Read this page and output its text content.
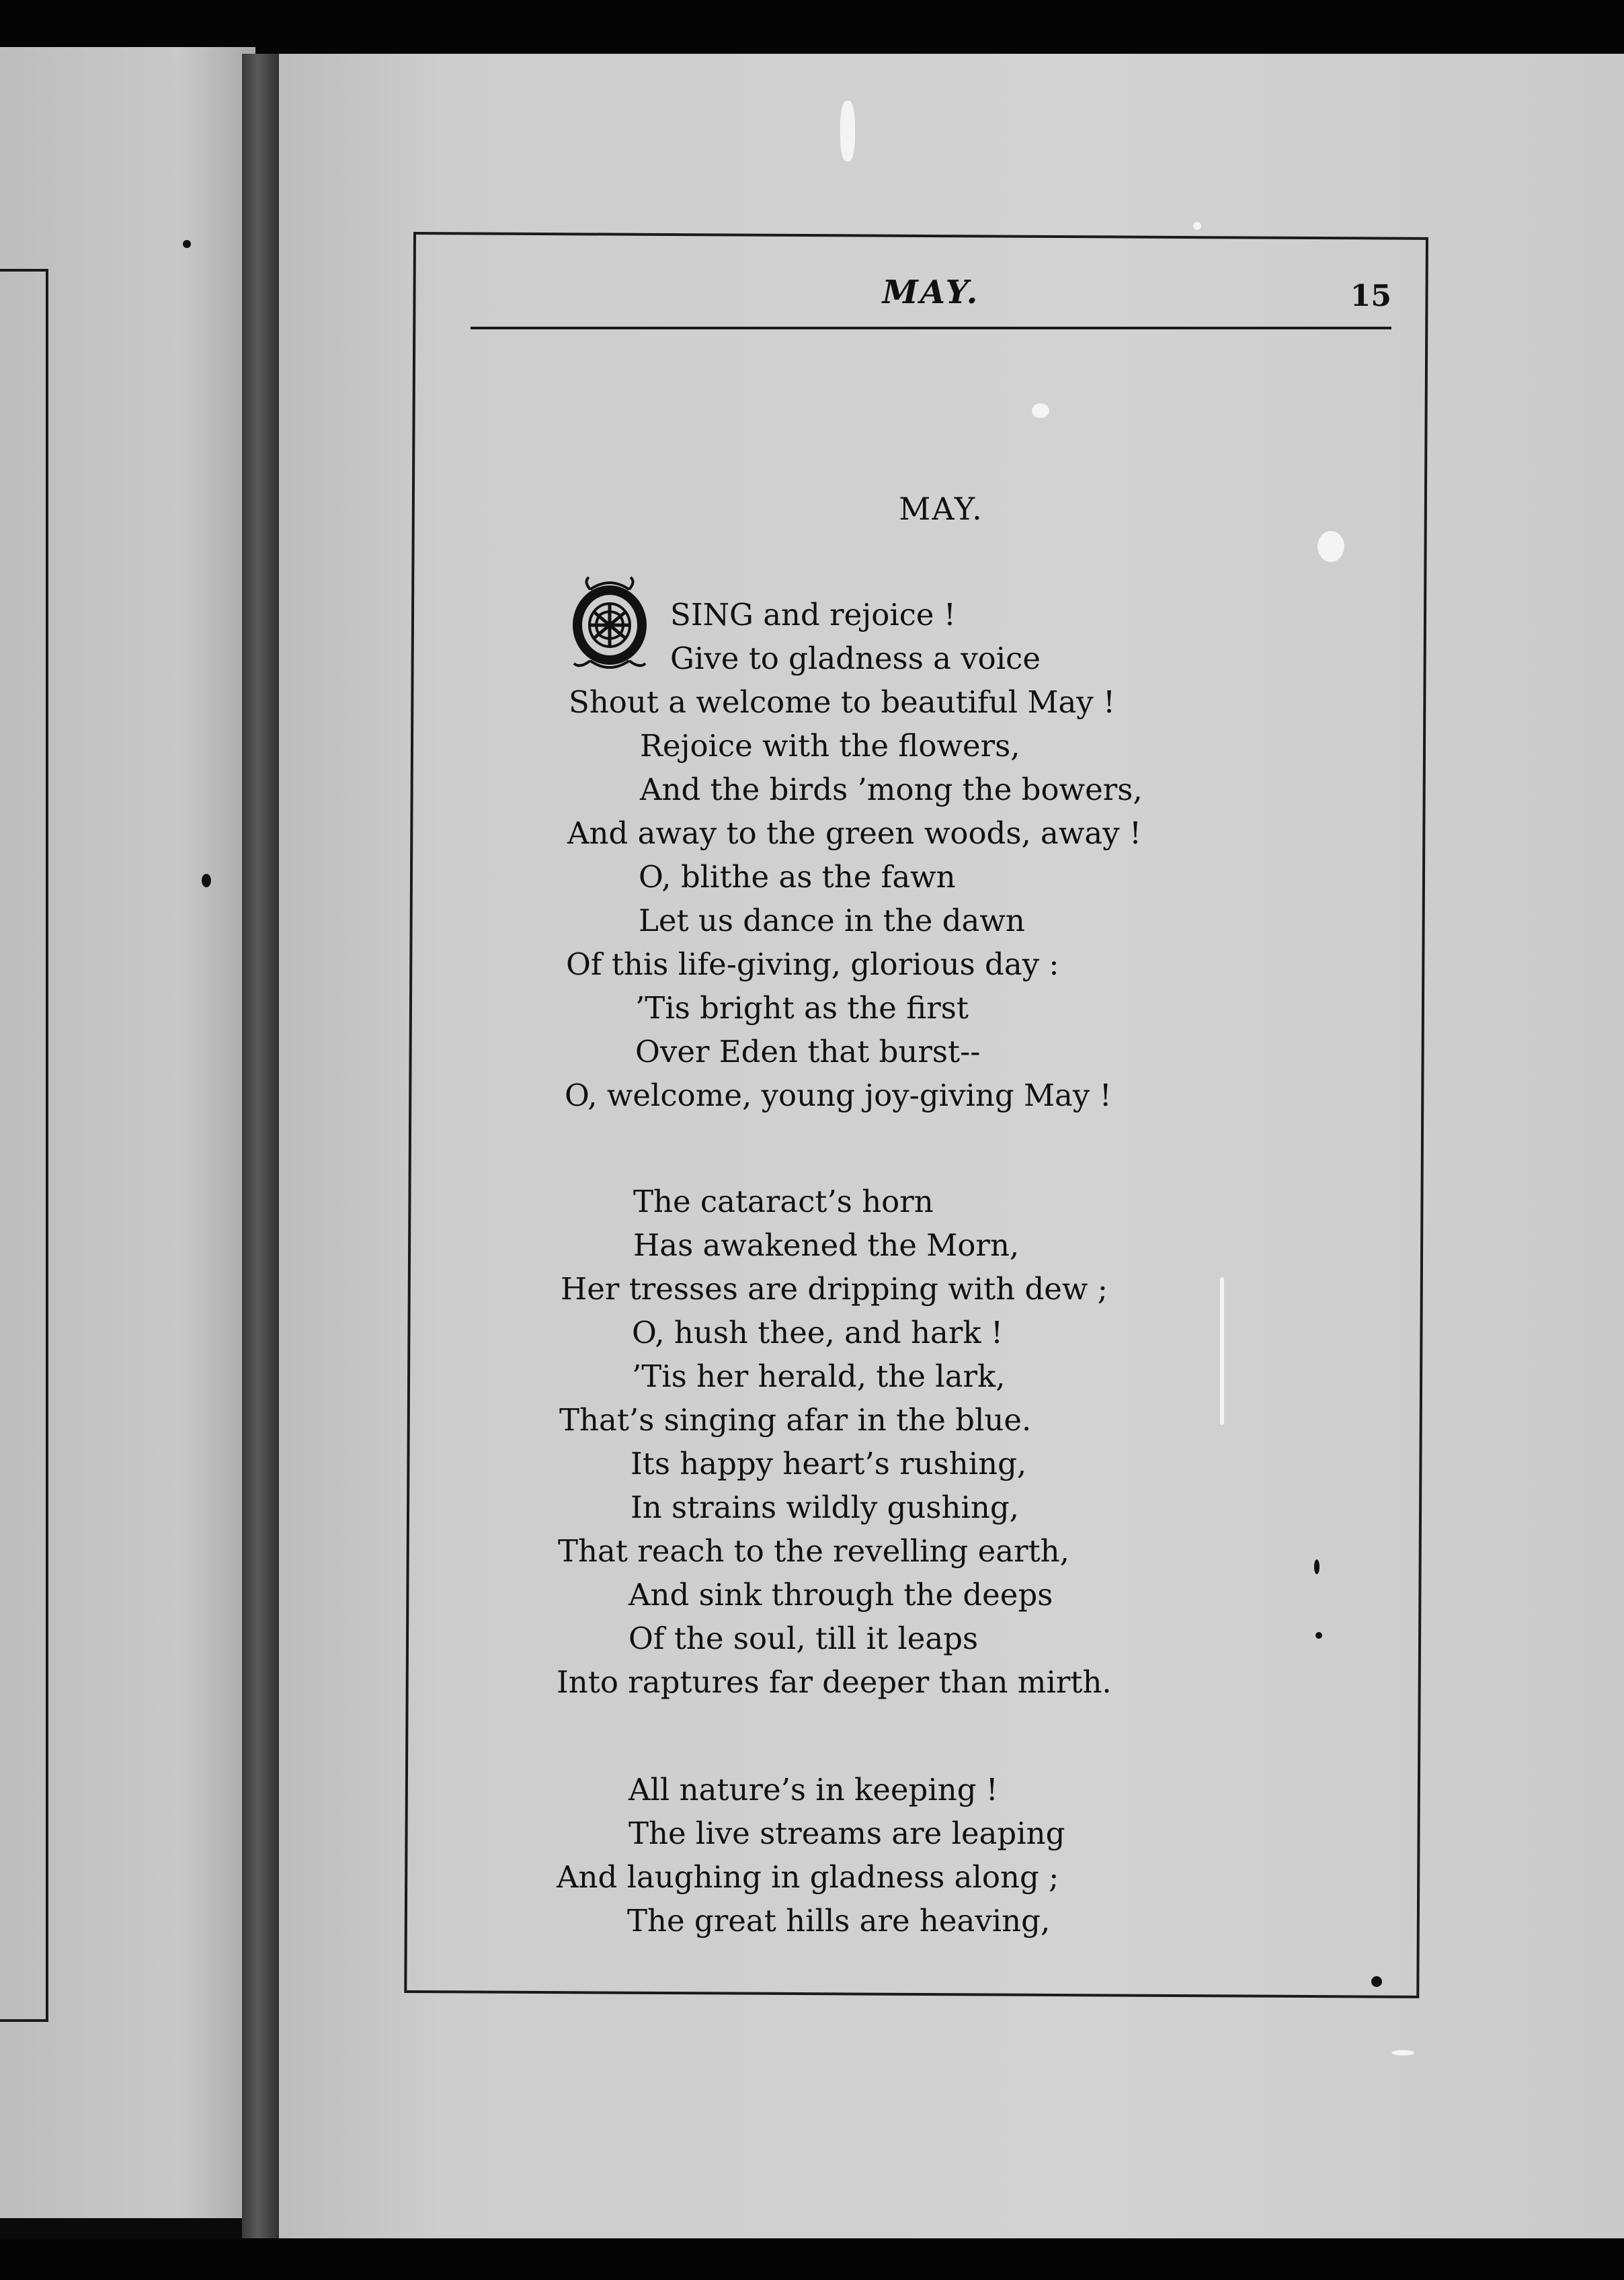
MAY.	15
MAY.
SING and rejoice !
Give to gladness a voice
Shout a welcome to beautiful May !
Rejoice with the flowers,
And the birds ’mong the bowers,
And away to the green woods, away !
O, blithe as the fawn
Let us dance in the dawn
Of this life-giving, glorious day :
’Tis bright as the first
Over Eden that burst--
O, welcome, young joy-giving May !
The cataract’s horn
Has awakened the Morn,
Her tresses are dripping with dew ;
O, hush thee, and hark !
’Tis her herald, the lark,
That’s singing afar in the blue.
Its happy heart’s rushing,
In strains wildly gushing,
That reach to the revelling earth,
And sink through the deeps
Of the soul, till it leaps
Into raptures far deeper than mirth.
All nature’s in keeping !
The live streams are leaping
And laughing in gladness along ;
The great hills are heaving,
